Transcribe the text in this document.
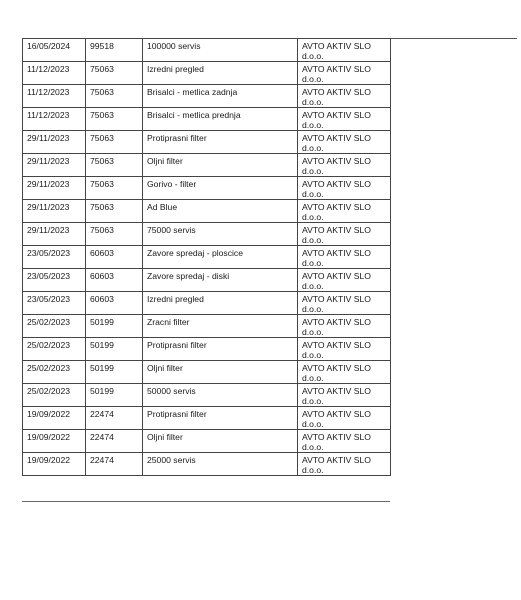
16/05/2024	99518	100000 servis	AVTO AKTIV SLO d.o.o.
11/12/2023	75063	Izredni pregled	AVTO AKTIV SLO d.o.o.
11/12/2023	75063	Brisalci - metlica zadnja	AVTO AKTIV SLO d.o.o.
11/12/2023	75063	Brisalci - metlica prednja	AVTO AKTIV SLO d.o.o.
29/11/2023	75063	Protiprasni filter	AVTO AKTIV SLO d.o.o.
29/11/2023	75063	Oljni filter	AVTO AKTIV SLO d.o.o.
29/11/2023	75063	Gorivo - filter	AVTO AKTIV SLO d.o.o.
29/11/2023	75063	Ad Blue	AVTO AKTIV SLO d.o.o.
29/11/2023	75063	75000 servis	AVTO AKTIV SLO d.o.o.
23/05/2023	60603	Zavore spredaj - ploscice	AVTO AKTIV SLO d.o.o.
23/05/2023	60603	Zavore spredaj - diski	AVTO AKTIV SLO d.o.o.
23/05/2023	60603	Izredni pregled	AVTO AKTIV SLO d.o.o.
25/02/2023	50199	Zracni filter	AVTO AKTIV SLO d.o.o.
25/02/2023	50199	Protiprasni filter	AVTO AKTIV SLO d.o.o.
25/02/2023	50199	Oljni filter	AVTO AKTIV SLO d.o.o.
25/02/2023	50199	50000 servis	AVTO AKTIV SLO d.o.o.
19/09/2022	22474	Protiprasni filter	AVTO AKTIV SLO d.o.o.
19/09/2022	22474	Oljni filter	AVTO AKTIV SLO d.o.o.
19/09/2022	22474	25000 servis	AVTO AKTIV SLO d.o.o.
